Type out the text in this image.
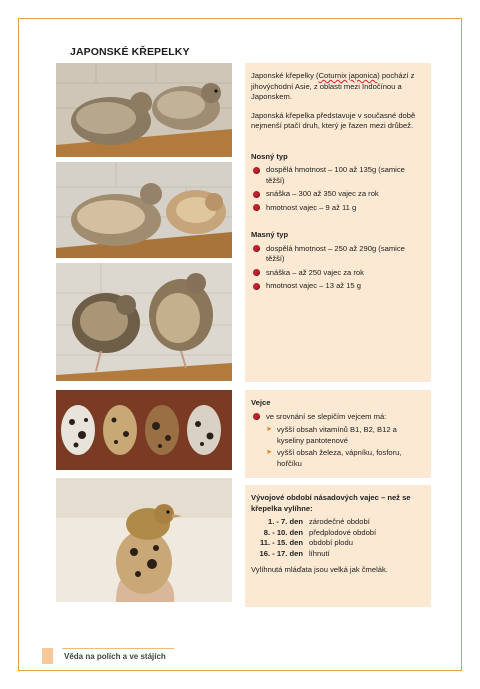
JAPONSKÉ KŘEPELKY

Japonské křepelky (Coturnix japonica) pochází z jihovýchodní Asie, z oblasti mezi Indočínou a Japonskem.

Japonská křepelka představuje v současné době nejmenší ptačí druh, který je řazen mezi drůbež.

Nosný typ
dospělá hmotnost – 100 až 135g (samice těžší)
snáška – 300 až 350 vajec za rok
hmotnost vajec – 9 až 11 g
Masný typ
dospělá hmotnost – 250 až 290g (samice těžší)
snáška – až 250 vajec za rok
hmotnost vajec – 13 až 15 g
Vejce
ve srovnání se slepičím vejcem má:
➤ vyšší obsah vitamínů B1, B2, B12 a kyseliny pantotenové
➤ vyšší obsah železa, vápníku, fosforu, hořčíku
Vývojové období násadových vajec – než se křepelka vylíhne:
1. - 7. den zárodečné období
8. - 10. den předplodové období
11. - 15. den období plodu
16. - 17. den líhnutí
Vylíhnutá mláďata jsou velká jak čmelák.
Věda na polích a ve stájích
